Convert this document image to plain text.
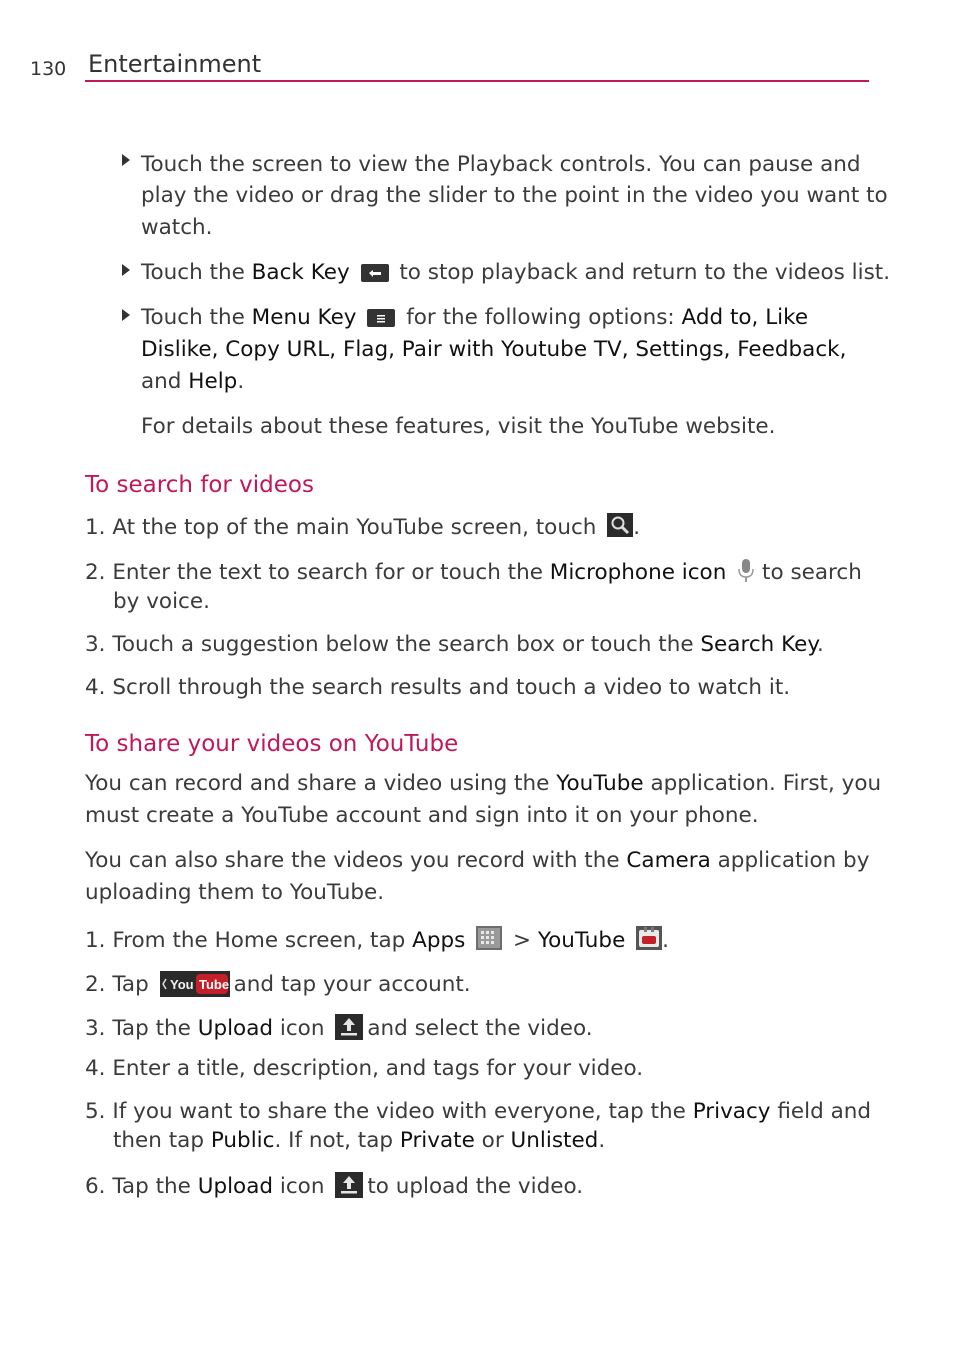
130 Entertainment
Touch the screen to view the Playback controls. You can pause and
play the video or drag the slider to the point in the video you want to
watch.
Touch the Back Key  to stop playback and return to the videos list.
Touch the Menu Key  for the following options: Add to, Like
Dislike, Copy URL, Flag, Pair with Youtube TV, Settings, Feedback,
and Help.
For details about these features, visit the YouTube website.
To search for videos
1. At the top of the main YouTube screen, touch .
2. Enter the text to search for or touch the Microphone icon  to search
by voice.
3. Touch a suggestion below the search box or touch the Search Key.
4. Scroll through the search results and touch a video to watch it.
To share your videos on YouTube
You can record and share a video using the YouTube application. First, you
must create a YouTube account and sign into it on your phone.
You can also share the videos you record with the Camera application by
uploading them to YouTube.
1. From the Home screen, tap Apps  > YouTube .
2. Tap You Tube and tap your account.
3. Tap the Upload icon and select the video.
4. Enter a title, description, and tags for your video.
5. If you want to share the video with everyone, tap the Privacy field and
then tap Public. If not, tap Private or Unlisted.
6. Tap the Upload icon to upload the video.
